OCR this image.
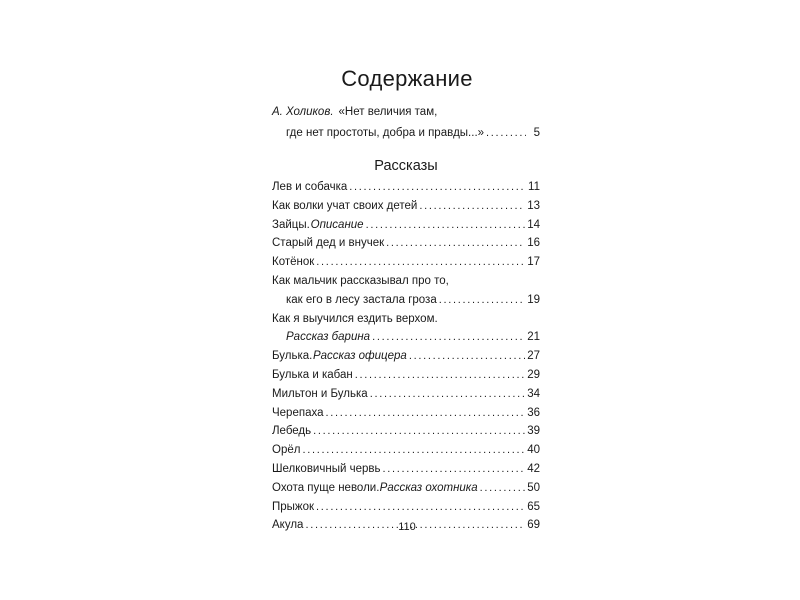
Содержание
А. Холиков. «Нет величия там,
где нет простоты, добра и правды...» .....	5
Рассказы
Лев и собачка .....	11
Как волки учат своих детей .....	13
Зайцы. Описание .....	14
Старый дед и внучек .....	16
Котёнок .....	17
Как мальчик рассказывал про то,
как его в лесу застала гроза .....	19
Как я выучился ездить верхом.
Рассказ барина .....	21
Булька. Рассказ офицера .....	27
Булька и кабан .....	29
Мильтон и Булька .....	34
Черепаха .....	36
Лебедь .....	39
Орёл .....	40
Шелковичный червь .....	42
Охота пуще неволи. Рассказ охотника .....	50
Прыжок .....	65
Акула .....	69
110
